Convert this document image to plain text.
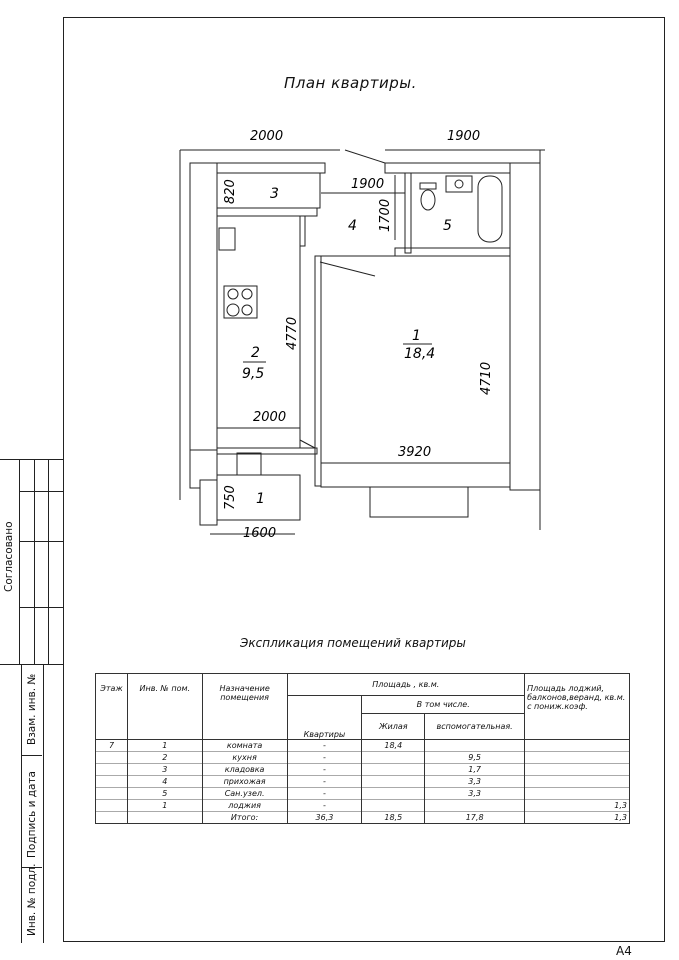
План квартиры.
3
4	5
1
18,4
2
9,5
1
2000	1900
1900
2000
3920
1600
820
1700
4770
4710
750
Согласовано
Взам. инв. №
Подпись и дата
Инв. № подл.
Экспликация помещений квартиры
Этаж	Инв. № пом.	Назначение помещения	Площадь , кв.м.			Площадь лоджий, балконов,веранд, кв.м. с пониж.коэф.
			Квартиры	В том числе.		
				Жилая	вспомогательная.	
7	1	комната	-	18,4		
	2	кухня	-		9,5	
	3	кладовка	-		1,7	
	4	прихожая	-		3,3	
	5	Сан.узел.	-		3,3	
	1	лоджия	-			1,3
		Итого:	36,3	18,5	17,8	1,3
A4
